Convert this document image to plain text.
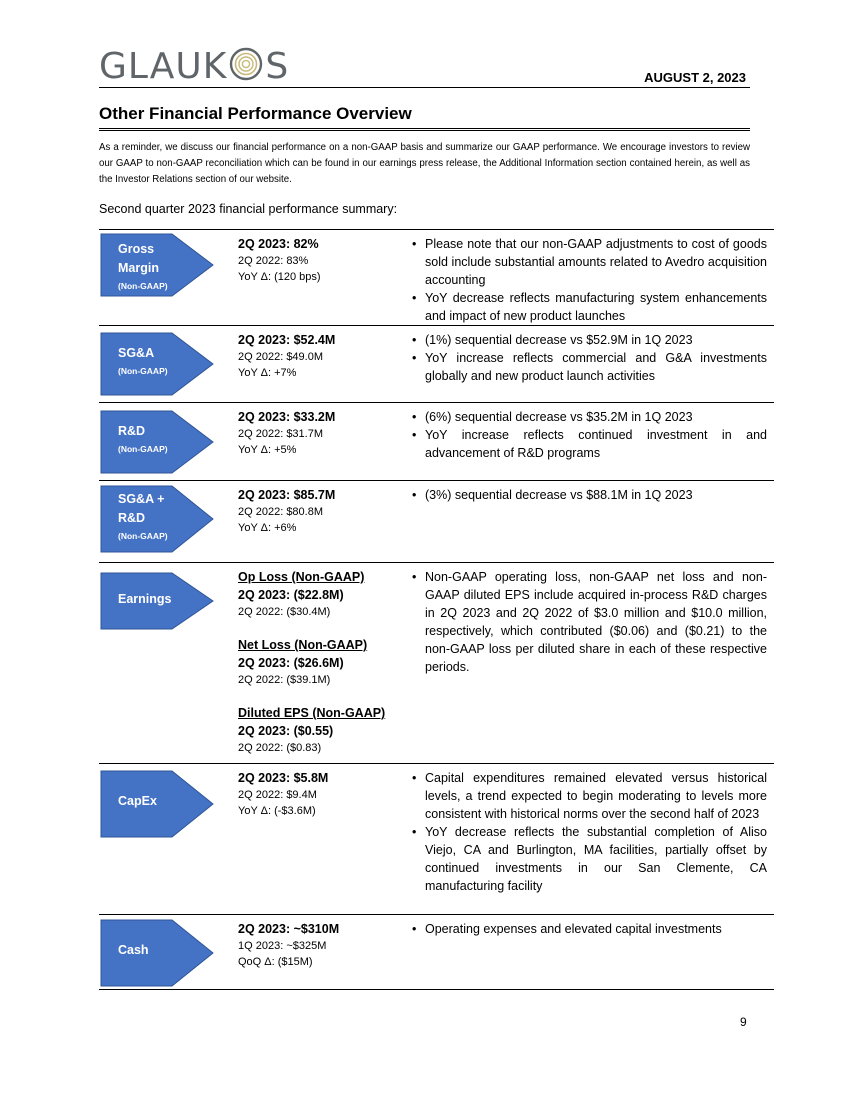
GLAUK S	AUGUST 2, 2023
Other Financial Performance Overview
As a reminder, we discuss our financial performance on a non-GAAP basis and summarize our GAAP performance. We encourage investors to review our GAAP to non-GAAP reconciliation which can be found in our earnings press release, the Additional Information section contained herein, as well as the Investor Relations section of our website.
Second quarter 2023 financial performance summary:
Gross
Margin
(Non-GAAP)
2Q 2023: 82%
2Q 2022: 83%
YoY Δ: (120 bps)
• Please note that our non-GAAP adjustments to cost of goods sold include substantial amounts related to Avedro acquisition accounting
• YoY decrease reflects manufacturing system enhancements and impact of new product launches
SG&A
(Non-GAAP)
2Q 2023: $52.4M
2Q 2022: $49.0M
YoY Δ: +7%
• (1%) sequential decrease vs $52.9M in 1Q 2023
• YoY increase reflects commercial and G&A investments globally and new product launch activities
R&D
(Non-GAAP)
2Q 2023: $33.2M
2Q 2022: $31.7M
YoY Δ: +5%
• (6%) sequential decrease vs $35.2M in 1Q 2023
• YoY increase reflects continued investment in and advancement of R&D programs
SG&A +
R&D
(Non-GAAP)
2Q 2023: $85.7M
2Q 2022: $80.8M
YoY Δ: +6%
• (3%) sequential decrease vs $88.1M in 1Q 2023
Earnings
Op Loss (Non-GAAP)
2Q 2023: ($22.8M)
2Q 2022: ($30.4M)
Net Loss (Non-GAAP)
2Q 2023: ($26.6M)
2Q 2022: ($39.1M)
Diluted EPS (Non-GAAP)
2Q 2023: ($0.55)
2Q 2022: ($0.83)
• Non-GAAP operating loss, non-GAAP net loss and non-GAAP diluted EPS include acquired in-process R&D charges in 2Q 2023 and 2Q 2022 of $3.0 million and $10.0 million, respectively, which contributed ($0.06) and ($0.21) to the non-GAAP loss per diluted share in each of these respective periods.
CapEx
2Q 2023: $5.8M
2Q 2022: $9.4M
YoY Δ: (-$3.6M)
• Capital expenditures remained elevated versus historical levels, a trend expected to begin moderating to levels more consistent with historical norms over the second half of 2023
• YoY decrease reflects the substantial completion of Aliso Viejo, CA and Burlington, MA facilities, partially offset by continued investments in our San Clemente, CA manufacturing facility
Cash
2Q 2023: ~$310M
1Q 2023: ~$325M
QoQ Δ: ($15M)
• Operating expenses and elevated capital investments
9
